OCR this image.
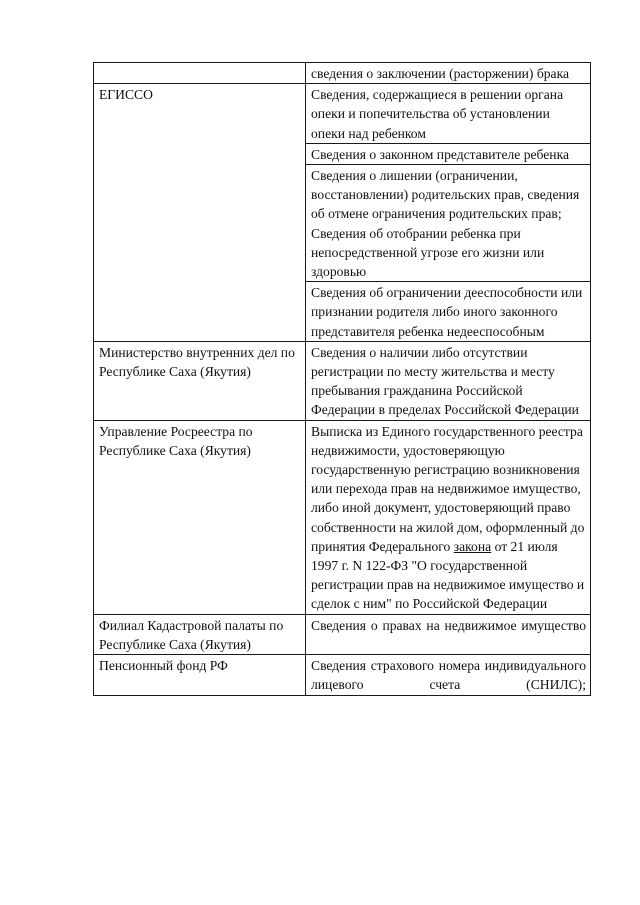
	сведения о заключении (расторжении) брака
ЕГИССО	Сведения, содержащиеся в решении органа опеки и попечительства об установлении опеки над ребенком
	Сведения о законном представителе ребенка

	Сведения о лишении (ограничении, восстановлении) родительских прав, сведения об отмене ограничения родительских прав;
Сведения об отобрании ребенка при непосредственной угрозе его жизни или здоровью

	Сведения об ограничении дееспособности или признании родителя либо иного законного представителя ребенка недееспособным
Министерство внутренних дел по Республике Саха (Якутия)	Сведения о наличии либо отсутствии регистрации по месту жительства и месту пребывания гражданина Российской Федерации в пределах Российской Федерации
Управление Росреестра по Республике Саха (Якутия)	Выписка из Единого государственного реестра недвижимости, удостоверяющую государственную регистрацию возникновения или перехода прав на недвижимое имущество, либо иной документ, удостоверяющий право собственности на жилой дом, оформленный до принятия Федерального закона от 21 июля 1997 г. N 122-ФЗ "О государственной регистрации прав на недвижимое имущество и сделок с ним" по Российской Федерации
Филиал Кадастровой палаты по Республике Саха (Якутия)	Сведения о правах на недвижимое имущество
Пенсионный фонд РФ	Сведения страхового номера индивидуального лицевого счета (СНИЛС);
